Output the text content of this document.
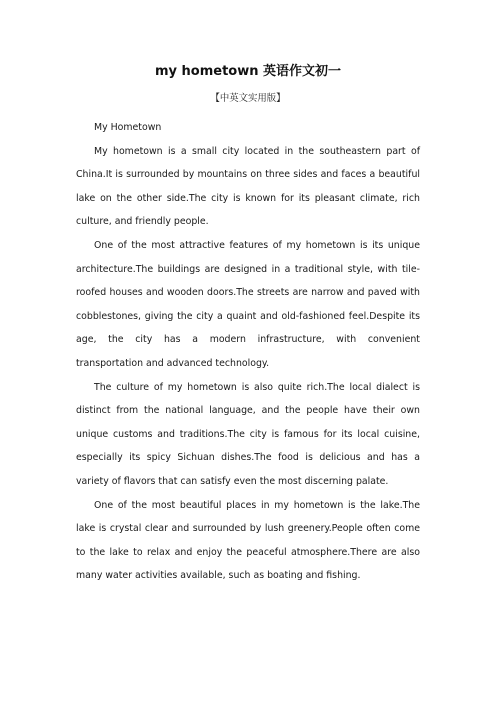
my hometown 英语作文初一

【中英文实用版】

My Hometown

My hometown is a small city located in the southeastern part of China.It is surrounded by mountains on three sides and faces a beautiful lake on the other side.The city is known for its pleasant climate, rich culture, and friendly people.

One of the most attractive features of my hometown is its unique architecture.The buildings are designed in a traditional style, with tile-roofed houses and wooden doors.The streets are narrow and paved with cobblestones, giving the city a quaint and old-fashioned feel.Despite its age, the city has a modern infrastructure, with convenient transportation and advanced technology.

The culture of my hometown is also quite rich.The local dialect is distinct from the national language, and the people have their own unique customs and traditions.The city is famous for its local cuisine, especially its spicy Sichuan dishes.The food is delicious and has a variety of flavors that can satisfy even the most discerning palate.

One of the most beautiful places in my hometown is the lake.The lake is crystal clear and surrounded by lush greenery.People often come to the lake to relax and enjoy the peaceful atmosphere.There are also many water activities available, such as boating and fishing.
